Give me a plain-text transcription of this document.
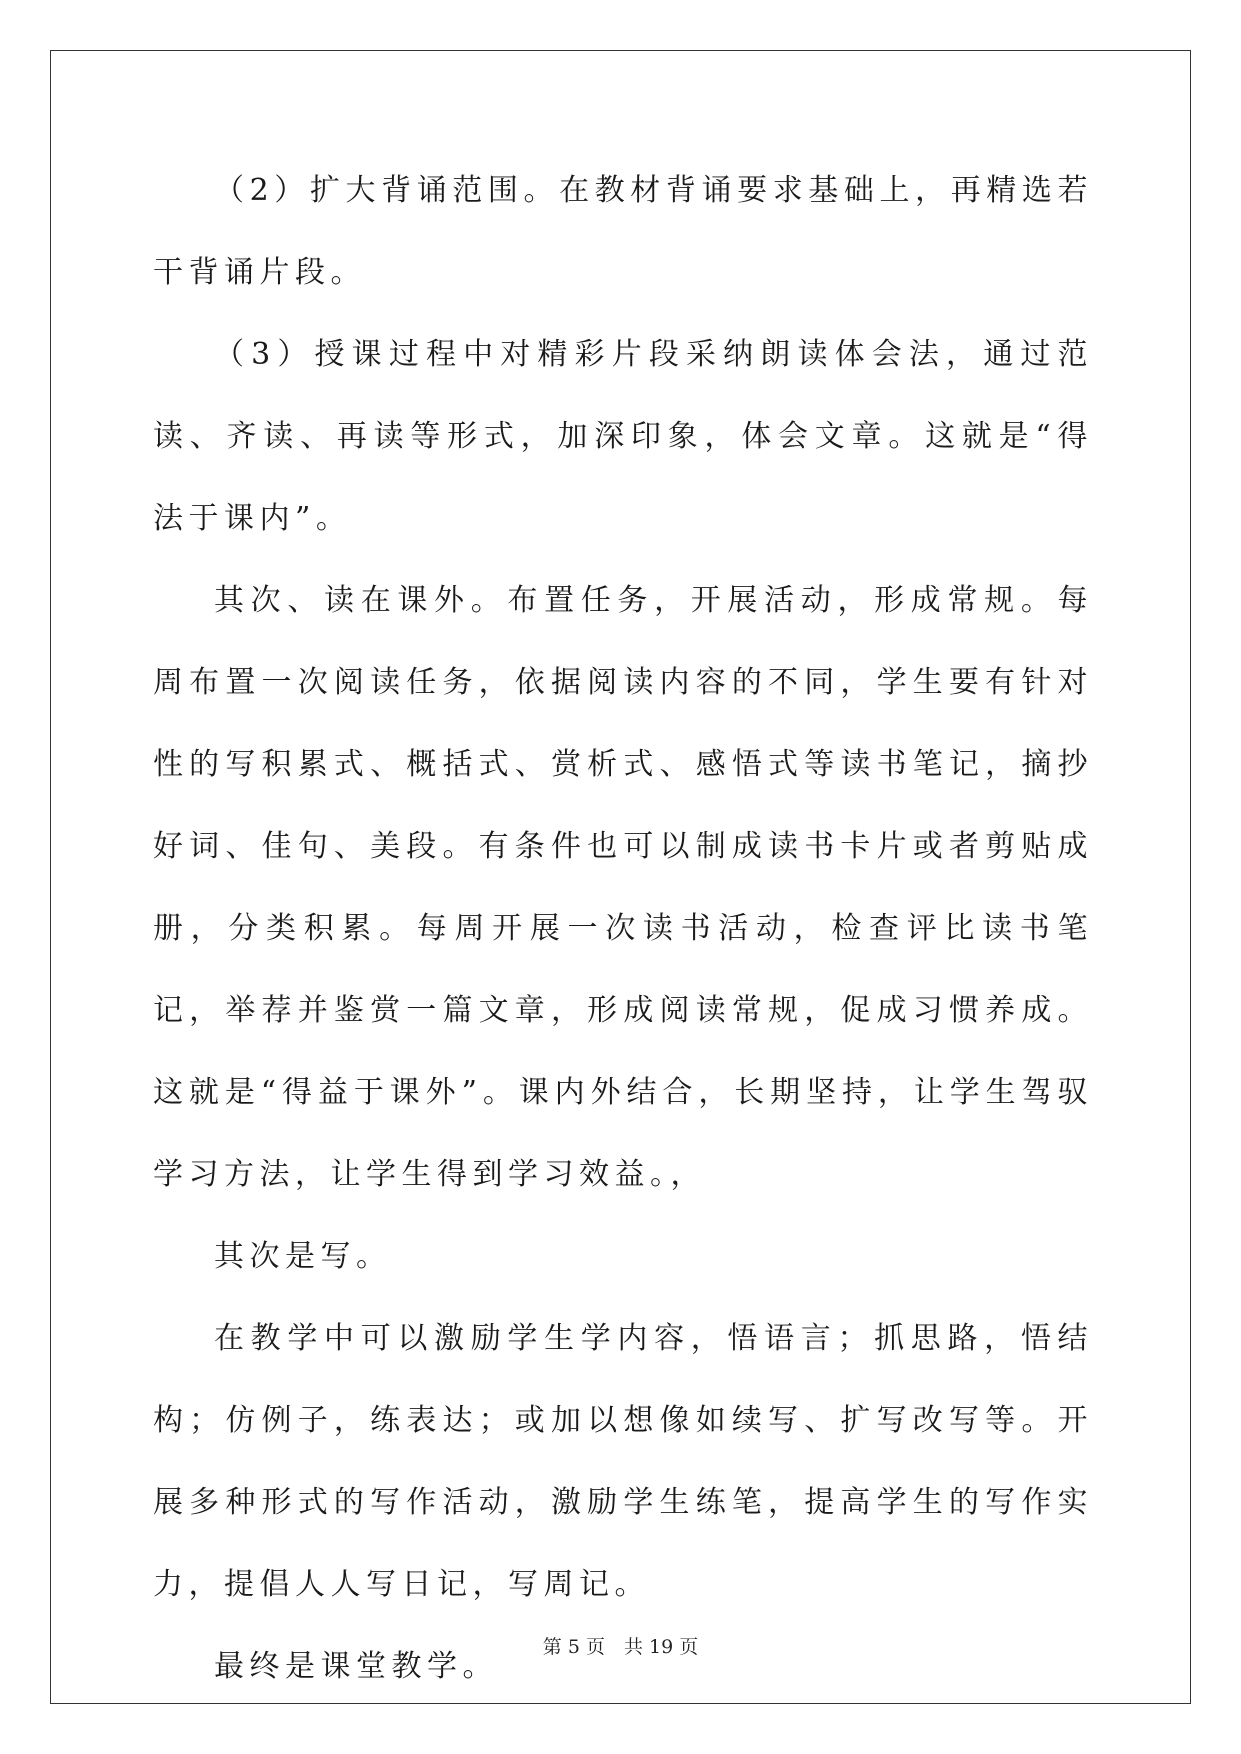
（2）扩大背诵范围。在教材背诵要求基础上，再精选若干背诵片段。

（3）授课过程中对精彩片段采纳朗读体会法，通过范读、齐读、再读等形式，加深印象，体会文章。这就是“得法于课内”。

其次、读在课外。布置任务，开展活动，形成常规。每周布置一次阅读任务，依据阅读内容的不同，学生要有针对性的写积累式、概括式、赏析式、感悟式等读书笔记，摘抄好词、佳句、美段。有条件也可以制成读书卡片或者剪贴成册，分类积累。每周开展一次读书活动，检查评比读书笔记，举荐并鉴赏一篇文章，形成阅读常规，促成习惯养成。这就是“得益于课外”。课内外结合，长期坚持，让学生驾驭学习方法，让学生得到学习效益。，

其次是写。

在教学中可以激励学生学内容，悟语言；抓思路，悟结构；仿例子，练表达；或加以想像如续写、扩写改写等。开展多种形式的写作活动，激励学生练笔，提高学生的写作实力，提倡人人写日记，写周记。

最终是课堂教学。

第 5 页　共 19 页
